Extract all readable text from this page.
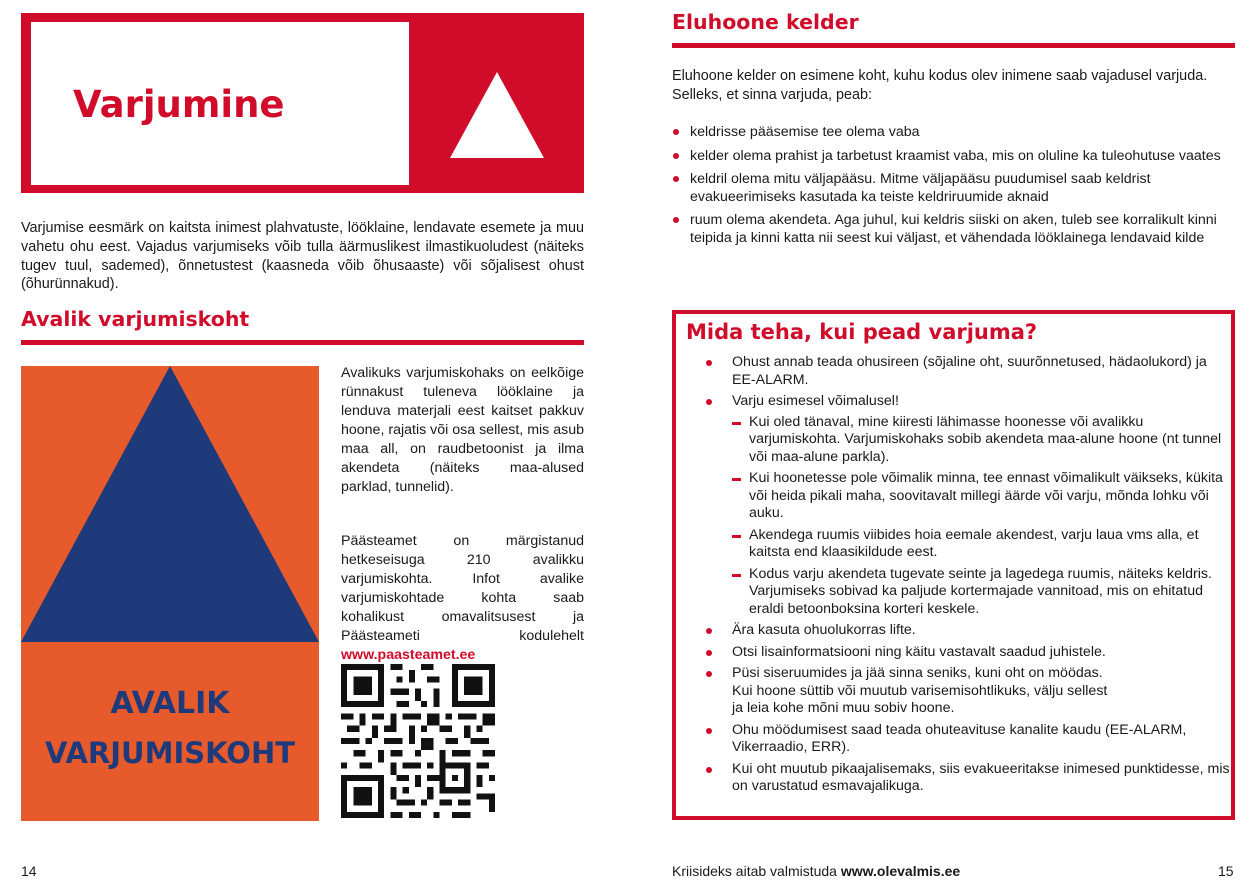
Varjumine

Varjumise eesmärk on kaitsta inimest plahvatuste, lööklaine, lendavate esemete ja muu vahetu ohu eest. Vajadus varjumiseks võib tulla äärmuslikest ilmastikuoludest (näiteks tugev tuul, sademed), õnnetustest (kaasneda võib õhusaaste) või sõjalisest ohust (õhurünnakud).

Avalik varjumiskoht
AVALIK
VARJUMISKOHT

Avalikuks varjumiskohaks on eelkõige rünnakust tuleneva lööklaine ja lenduva materjali eest kaitset pakkuv hoone, rajatis või osa sellest, mis asub maa all, on raudbetoonist ja ilma akendeta (näiteks maa-alused parklad, tunnelid).

Päästeamet on märgistanud hetkeseisuga 210 avalikku varjumiskohta. Infot avalike varjumiskohtade kohta saab kohalikust omavalitsusest ja Päästeameti kodulehelt www.paasteamet.ee

14
Eluhoone kelder

Eluhoone kelder on esimene koht, kuhu kodus olev inimene saab vajadusel varjuda. Selleks, et sinna varjuda, peab:

keldrisse pääsemise tee olema vaba
kelder olema prahist ja tarbetust kraamist vaba, mis on oluline ka tuleohutuse vaates
keldril olema mitu väljapääsu. Mitme väljapääsu puudumisel saab keldrist evakueerimiseks kasutada ka teiste keldriruumide aknaid
ruum olema akendeta. Aga juhul, kui keldris siiski on aken, tuleb see korralikult kinni teipida ja kinni katta nii seest kui väljast, et vähendada lööklainega lendavaid kilde
Mida teha, kui pead varjuma?
Ohust annab teada ohusireen (sõjaline oht, suurõnnetused, hädaolukord) ja EE-ALARM.
Varju esimesel võimalusel!
Kui oled tänaval, mine kiiresti lähimasse hoonesse või avalikku varjumiskohta. Varjumiskohaks sobib akendeta maa-alune hoone (nt tunnel või maa-alune parkla).
Kui hoonetesse pole võimalik minna, tee ennast võimalikult väikseks, kükita või heida pikali maha, soovitavalt millegi äärde või varju, mõnda lohku või auku.
Akendega ruumis viibides hoia eemale akendest, varju laua vms alla, et kaitsta end klaasikildude eest.
Kodus varju akendeta tugevate seinte ja lagedega ruumis, näiteks keldris. Varjumiseks sobivad ka paljude kortermajade vannitoad, mis on ehitatud eraldi betoonboksina korteri keskele.
Ära kasuta ohuolukorras lifte.
Otsi lisainformatsiooni ning käitu vastavalt saadud juhistele.
Püsi siseruumides ja jää sinna seniks, kuni oht on möödas.
Kui hoone süttib või muutub varisemisohtlikuks, välju sellest
ja leia kohe mõni muu sobiv hoone.
Ohu möödumisest saad teada ohuteavituse kanalite kaudu (EE-ALARM, Vikerraadio, ERR).
Kui oht muutub pikaajalisemaks, siis evakueeritakse inimesed punktidesse, mis on varustatud esmavajalikuga.
Kriisideks aitab valmistuda www.olevalmis.ee	15
